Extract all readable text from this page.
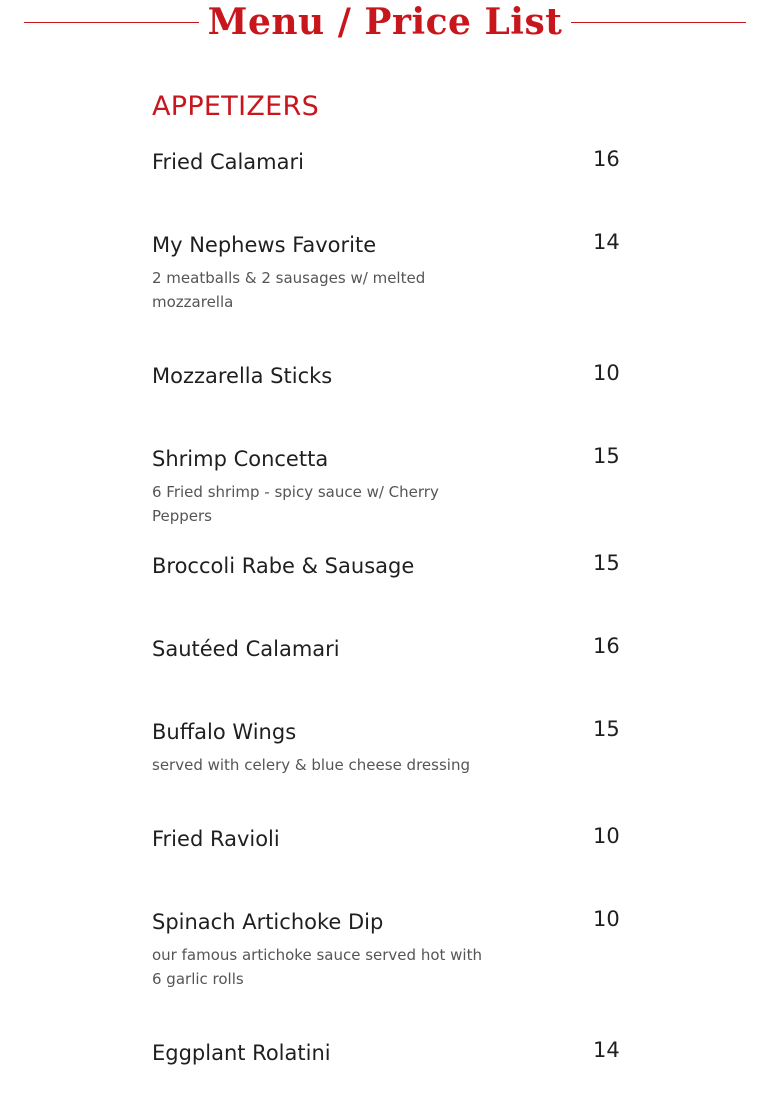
Menu / Price List
APPETIZERS
Fried Calamari	16
My Nephews Favorite	14
2 meatballs & 2 sausages w/ melted mozzarella
Mozzarella Sticks	10
Shrimp Concetta	15
6 Fried shrimp - spicy sauce w/ Cherry Peppers
Broccoli Rabe & Sausage	15
Sautéed Calamari	16
Buffalo Wings	15
served with celery & blue cheese dressing
Fried Ravioli	10
Spinach Artichoke Dip	10
our famous artichoke sauce served hot with 6 garlic rolls
Eggplant Rolatini	14
